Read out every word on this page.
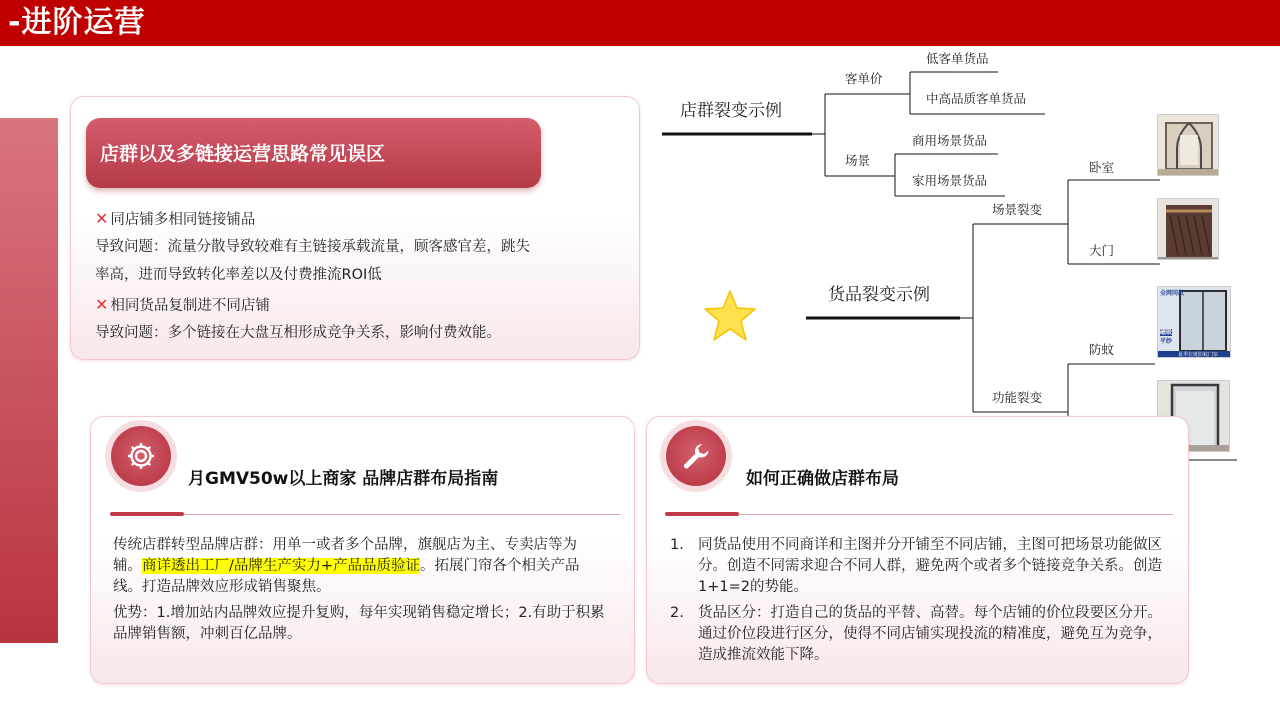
-进阶运营
店群以及多链接运营思路常见误区
✕ 同店铺多相同链接铺品
导致问题：流量分散导致较难有主链接承载流量，顾客感官差，跳失
率高，进而导致转化率差以及付费推流ROI低
✕ 相同货品复制进不同店铺
导致问题：多个链接在大盘互相形成竞争关系，影响付费效能。
店群裂变示例
客单价
低客单货品
中高品质客单货品
场景
商用场景货品
家用场景货品
货品裂变示例
场景裂变
卧室
大门
功能裂变
防蚊
全网同款
磁吸
平纱
夏季拉链防蚊门帘
月GMV50w以上商家 品牌店群布局指南
传统店群转型品牌店群：用单一或者多个品牌，旗舰店为主、专卖店等为辅。商详透出工厂/品牌生产实力+产品品质验证。拓展门帘各个相关产品线。打造品牌效应形成销售聚焦。
优势：1.增加站内品牌效应提升复购，每年实现销售稳定增长；2.有助于积累品牌销售额，冲刺百亿品牌。
如何正确做店群布局
1. 同货品使用不同商详和主图并分开铺至不同店铺，主图可把场景功能做区分。创造不同需求迎合不同人群，避免两个或者多个链接竞争关系。创造1+1=2的势能。
2. 货品区分：打造自己的货品的平替、高替。每个店铺的价位段要区分开。通过价位段进行区分，使得不同店铺实现投流的精准度，避免互为竞争，造成推流效能下降。
